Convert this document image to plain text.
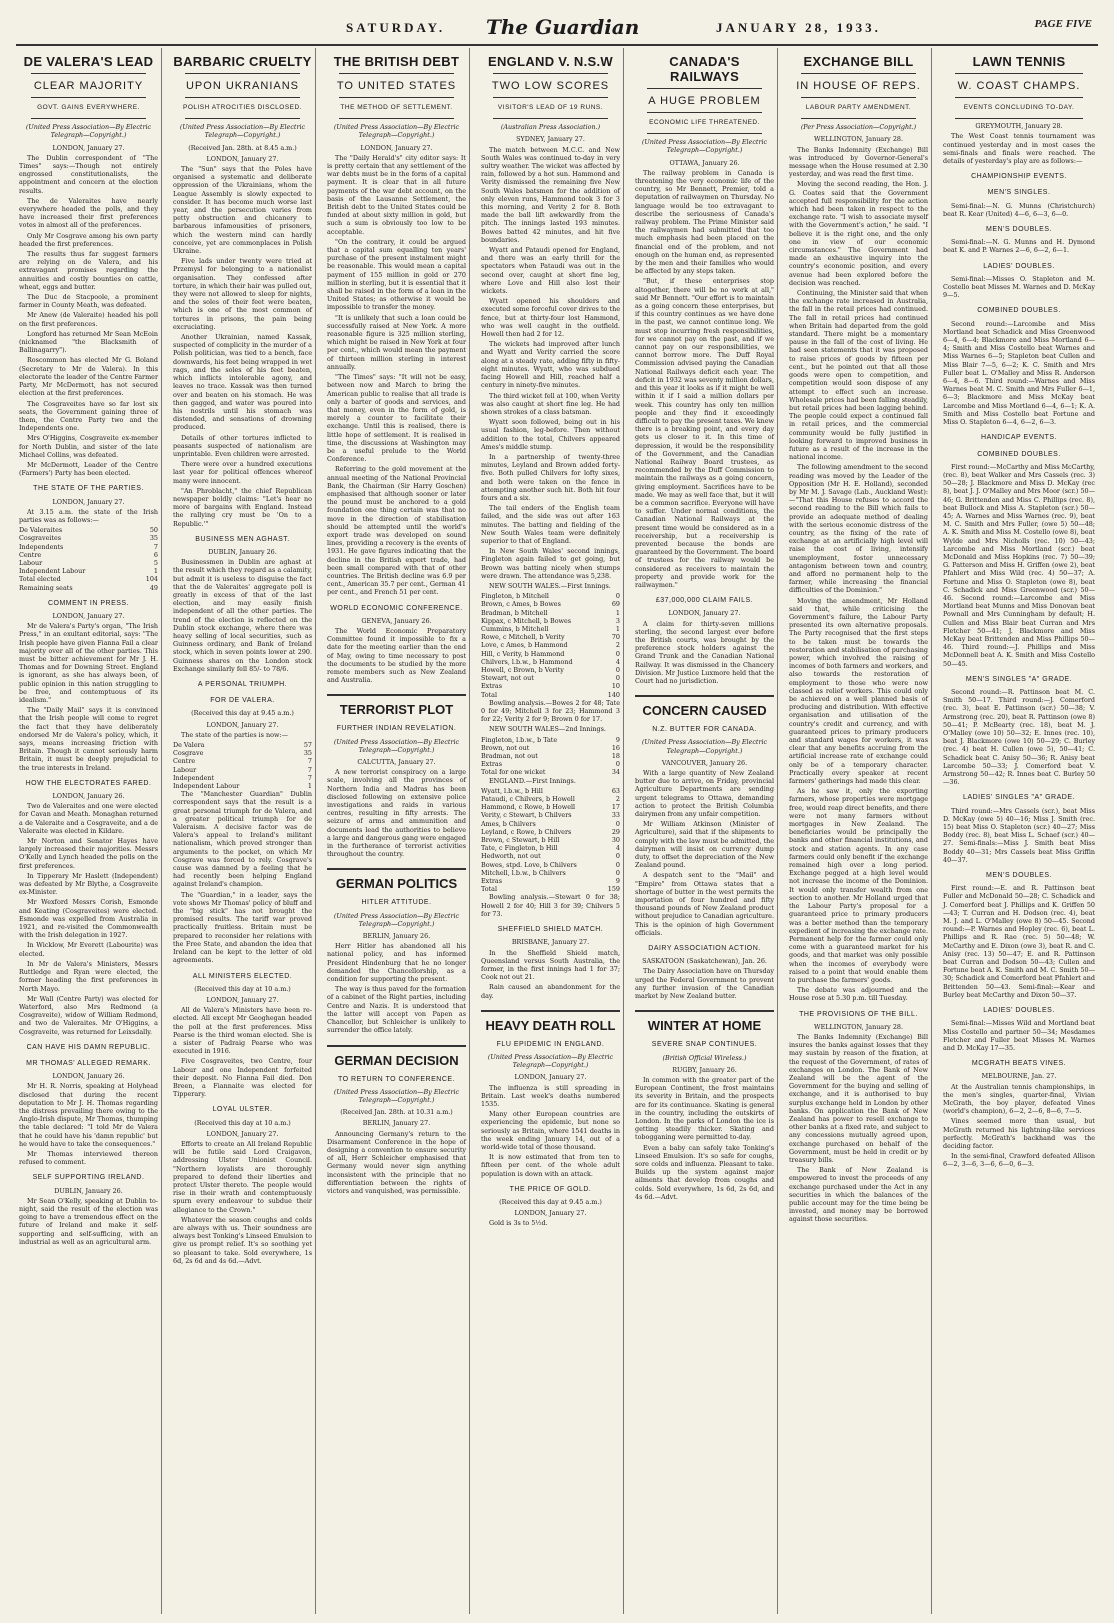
SATURDAY. The Guardian	JANUARY 28, 1933.	PAGE FIVE
DE VALERA'S LEAD
CLEAR MAJORITY
GOVT. GAINS EVERYWHERE.
(United Press Association—By Electric Telegraph—Copyright.)
LONDON, January 27.

The Dublin correspondent of "The Times" says:—Though not entirely engrossed constitutionalists, the appointment and concern at the election results.

The de Valeraites have nearly everywhere headed the polls, and they have increased their first preferences votes in almost all of the preferences.

Only Mr Cosgrave among his own party headed the first preferences.

The results thus far suggest farmers are relying on de Valera, and his extravagant promises regarding the annuities and costly bounties on cattle, wheat, eggs and butter.

The Duc de Stacpoole, a prominent farmer in County Meath, was defeated.

Mr Anew (de Valeraite) headed his poll on the first preferences.

Longford has returned Mr Sean McEoin (nicknamed "the Blacksmith of Ballinagarry").

Roscommon has elected Mr G. Boland (Secretary to Mr de Valera). In this electorate the leader of the Centre Farmer Party, Mr McDermott, has not secured election at the first preferences.

The Cosgraveites have so far lost six seats, the Government gaining three of them, the Centre Party two and the Independents one.

Mrs O'Higgins, Cosgraveite ex-member for North Dublin, and sister of the late Michael Collins, was defeated.

Mr McDermott, Leader of the Centre (Farmers') Party has been elected.

THE STATE OF THE PARTIES.
LONDON, January 27.

At 3.15 a.m. the state of the Irish parties was as follows:—

De Valeraites	50
Cosgraveites	35
Independents	7
Centre	6
Labour	5
Independent Labour	1
Total elected	104
Remaining seats	49
COMMENT IN PRESS.
LONDON, January 27.

Mr de Valera's Party's organ, "The Irish Press," in an exultant editorial, says: "The Irish people have given Fianna Fail a clear majority over all of the other parties. This must be bitter achievement for Mr J. H. Thomas and for Downing Street. England is ignorant, as she has always been, of public opinion in this nation struggling to be free, and contemptuous of its idealism."

The "Daily Mail" says it is convinced that the Irish people will come to regret the fact that they have deliberately endorsed Mr de Valera's policy, which, it says, means increasing friction with Britain. Though it cannot seriously harm Britain, it must be deeply prejudicial to the true interests in Ireland.

HOW THE ELECTORATES FARED.
LONDON, January 26.

Two de Valeraites and one were elected for Cavan and Meath. Monaghan returned a de Valeraite and a Cosgraveite, and a de Valeraite was elected in Kildare.

Mr Norton and Senator Hayes have largely increased their majorities. Messrs O'Kelly and Lynch headed the polls on the first preferences.

In Tipperary Mr Haslett (Independent) was defeated by Mr Blythe, a Cosgraveite ex-Minister.

Mr Wexford Messrs Corish, Esmonde and Keating (Cosgraveites) were elected. Esmonde was expelled from Australia in 1921, and re-visited the Commonwealth with the Irish delegation in 1927.

In Wicklow, Mr Everett (Labourite) was elected.

In Mr de Valera's Ministers, Messrs Ruttledge and Ryan were elected, the former heading the first preferences in North Mayo.

Mr Wall (Centre Party) was elected for Waterford, also Mrs Redmond (a Cosgraveite), widow of William Redmond, and two de Valeraites. Mr O'Higgins, a Cosgraveite, was returned for Leixsdally.

CAN HAVE HIS DAMN REPUBLIC.
MR THOMAS' ALLEGED REMARK.
LONDON, January 26.

Mr H. R. Norris, speaking at Holyhead disclosed that during the recent deputation to Mr J. H. Thomas regarding the distress prevailing there owing to the Anglo-Irish dispute, Mr Thomas, thumping the table declared: "I told Mr de Valera that he could have his 'damn republic' but he would have to take the consequences."

Mr Thomas interviewed thereon refused to comment.

SELF SUPPORTING IRELAND.
DUBLIN, January 26.

Mr Sean O'Kelly, speaking at Dublin to-night, said the result of the election was going to have a tremendous effect on the future of Ireland and make it self-supporting and self-sufficing, with an industrial as well as an agricultural arm.

BARBARIC CRUELTY
UPON UKRANIANS
POLISH ATROCITIES DISCLOSED.
(United Press Association—By Electric Telegraph—Copyright.)
(Received Jan. 28th. at 8.45 a.m.)
LONDON, January 27.

The "Sun" says that the Poles have organised a systematic and deliberate oppression of the Ukrainians, whom the League Assembly is slowly expected to consider. It has become much worse last year, and the persecution varies from petty obstruction and chicanery to barbarous infamousities of prisoners, which the western mind can hardly conceive, yet are commonplaces in Polish Ukraine.

Five lads under twenty were tried at Przemysl for belonging to a nationalist organisation. They confessed after torture, in which their hair was pulled out, they were not allowed to sleep for nights, and the soles of their feet were beaten, which is one of the most common of tortures in prisons, the pain being excruciating.

Another Ukrainian, named Kassak, suspected of complicity in the murder of a Polish politician, was tied to a bench, face downwards, his feet being wrapped in wet rags, and the soles of his feet beaten, which inflicts intolerable agony, and leaves no trace. Kassak was then turned over and beaten on his stomach. He was then gagged, and water was poured into his nostrils until his stomach was distended, and sensations of drowning produced.

Details of other tortures inflicted to peasants suspected of nationalism are unprintable. Even children were arrested.

There were over a hundred executions last year for political offences whereof many were innocent.

"An Phroblacht," the chief Republican newspaper boldly claims: "Let's hear no more of bargains with England. Instead the rallying cry must be 'On to a Republic.'"

BUSINESS MEN AGHAST.
DUBLIN, January 26.

Businessmen in Dublin are aghast at the result which they regard as a calamity, but admit it is useless to disguise the fact that the de Valeraites' aggregate poll is greatly in excess of that of the last election, and may easily finish independent of all the other parties. The trend of the election is reflected on the Dublin stock exchange, where there was heavy selling of local securities, such as Guinness ordinary, and Bank of Ireland stock, which in seven points lower at 290. Guinness shares on the London stock Exchange similarly fell 85/- to 78/6.

A PERSONAL TRIUMPH.
FOR DE VALERA.
(Received this day at 9.45 a.m.)
LONDON, January 27.

The state of the parties is now:—

De Valera	57
Cosgrave	35
Centre	7
Labour	7
Independent	7
Independent Labour	1

The "Manchester Guardian" Dublin correspondent says that the result is a great personal triumph for de Valera, and a greater political triumph for de Valeraism. A decisive factor was de Valera's appeal to Ireland's militant nationalism, which proved stronger than arguments to the pocket, on which Mr Cosgrave was forced to rely. Cosgrave's cause was damned by a feeling that he had recently been helping England against Ireland's champion.

The "Guardian," in a leader, says the vote shows Mr Thomas' policy of bluff and the "big stick" has not brought the promised results. The tariff war proved practically fruitless. Britain must be prepared to reconsider her relations with the Free State, and abandon the idea that Ireland can be kept to the letter of old agreements.

ALL MINISTERS ELECTED.
(Received this day at 10 a.m.)
LONDON, January 27.

All de Valera's Ministers have been re-elected. All except Mr Geoghegan headed the poll at the first preferences. Miss Pearse is the third woman elected. She is a sister of Padraig Pearse who was executed in 1916.

Five Cosgraveites, two Centre, four Labour and one Independent forfeited their deposit. No Fianna Fail died. Don Breen, a Fiannaite was elected for Tipperary.

LOYAL ULSTER.
(Received this day at 10 a.m.)
LONDON, January 27.

Efforts to create an All Ireland Republic will be futile said Lord Craigavon, addressing Ulster Unionist Council. "Northern loyalists are thoroughly prepared to defend their liberties and protect Ulster thereto. The people would rise in their wrath and contemptuously spurn every endeavour to subdue their allegiance to the Crown."

Whatever the season coughs and colds are always with us. Their soundness are always best Tonking's Linseed Emulsion to give us prompt relief. It's so soothing yet so pleasant to take. Sold everywhere, 1s 6d, 2s 6d and 4s 6d.—Advt.

THE BRITISH DEBT
TO UNITED STATES
THE METHOD OF SETTLEMENT.
(United Press Association—By Electric Telegraph—Copyright.)
LONDON, January 27.

The "Daily Herald's" city editor says: It is pretty certain that any settlement of the war debts must be in the form of a capital payment. It is clear that in all future payments of the war debt account, on the basis of the Lausanne Settlement, the British debt to the United States could be funded at about sixty million in gold, but such a sum is obviously too low to be acceptable.

"On the contrary, it could be argued that a capital sum equalling ten years' purchase of the present instalment might be reasonable. This would mean a capital payment of 155 million in gold or 270 million in sterling, but it is essential that it shall be raised in the form of a loan in the United States; as otherwise it would be impossible to transfer the money.

"It is unlikely that such a loan could be successfully raised at New York. A more reasonable figure is 325 million sterling, which might be raised in New York at four per cent., which would mean the payment of thirteen million sterling in interest annually.

"The Times" says: "It will not be easy, between now and March to bring the American public to realise that all trade is only a barter of goods and services, and that money, even in the form of gold, is merely a counter to facilitate their exchange. Until this is realised, there is little hope of settlement. It is realised in time, the discussions at Washington may be a useful prelude to the World Conference.

Referring to the gold movement at the annual meeting of the National Provincial Bank, the Chairman (Sir Harry Goschen) emphasised that although sooner or later the pound must be anchored to a gold foundation one thing certain was that no move in the direction of stabilisation should be attempted until the world's export trade was developed on sound lines, providing a recovery is the events of 1931. He gave figures indicating that the decline in the British export trade, had been small compared with that of other countries. The British decline was 6.9 per cent., American 35.7 per cent., German 41 per cent., and French 51 per cent.

WORLD ECONOMIC CONFERENCE.
GENEVA, January 26.

The World Economic Preparatory Committee found it impossible to fix a date for the meeting earlier than the end of May, owing to time necessary to post the documents to be studied by the more remote members such as New Zealand and Australia.

TERRORIST PLOT
FURTHER INDIAN REVELATION.
(United Press Association—By Electric Telegraph—Copyright.)
CALCUTTA, January 27.

A new terrorist conspiracy on a large scale, involving all the provinces of Northern India and Madras has been disclosed following on extensive police investigations and raids in various centres, resulting in fifty arrests. The seizure of arms and ammunition and documents lead the authorities to believe a large and dangerous gang were engaged in the furtherance of terrorist activities throughout the country.

GERMAN POLITICS
HITLER ATTITUDE.
(United Press Association—By Electric Telegraph—Copyright.)
BERLIN, January 26.

Herr Hitler has abandoned all his national policy, and has informed President Hindenburg that he no longer demanded the Chancellorship, as a condition for supporting the present.

The way is thus paved for the formation of a cabinet of the Right parties, including Centre and Nazis. It is understood that the latter will accept von Papen as Chancellor, but Schleicher is unlikely to surrender the office lately.

GERMAN DECISION
TO RETURN TO CONFERENCE.
(United Press Association—By Electric Telegraph—Copyright.)
(Received Jan. 28th. at 10.31 a.m.)
BERLIN, January 27.

Announcing Germany's return to the Disarmament Conference in the hope of designing a convention to ensure security of all, Herr Schleicher emphasised that Germany would never sign anything inconsistent with the principle that no differentiation between the rights of victors and vanquished, was permissible.

ENGLAND V. N.S.W
TWO LOW SCORES
VISITOR'S LEAD OF 19 RUNS.
(Australian Press Association.)
SYDNEY, January 27.

The match between M.C.C. and New South Wales was continued to-day in very sultry weather. The wicket was affected by rain, followed by a hot sun. Hammond and Verity dismissed the remaining five New South Wales batsmen for the addition of only eleven runs, Hammond took 3 for 3 this morning, and Verity 2 for 8. Both made the ball lift awkwardly from the pitch. The innings lasted 193 minutes. Bowes batted 42 minutes, and hit five boundaries.

Wyatt and Pataudi opened for England, and there was an early thrill for the spectators when Pataudi was out in the second over, caught at short fine leg, where Love and Hill also lost their wickets.

Wyatt opened his shoulders and executed some forceful cover drives to the fence, but at thirty-four lost Hammond, who was well caught in the outfield. Howell then had 2 for 12.

The wickets had improved after lunch and Wyatt and Verity carried the score along at a steady rate, adding fifty in fifty-eight minutes. Wyatt, who was subdued facing Howell and Hill, reached half a century in ninety-five minutes.

The third wicket fell at 100, when Verity was also caught at short fine leg. He had shown strokes of a class batsman.

Wyatt soon followed, being out in his usual fashion, leg-before. Then without addition to the total, Chilvers appeared Ames's middle stump.

In a partnership of twenty-three minutes, Leyland and Brown added forty-five. Both pulled Chilvers for lofty sixes, and both were taken on the fence in attempting another such hit. Both hit four fours and a six.

The tail enders of the English team failed, and the side was out after 163 minutes. The batting and fielding of the New South Wales team were definitely superior to that of England.

In New South Wales' second innings, Fingleton again failed to get going, but Brown was batting nicely when stumps were drawn. The attendance was 5,238.

NEW SOUTH WALES.—First Innings.

Fingleton, b Mitchell	0
Brown, c Ames, b Bowes	69
Bradman, b Mitchell	1
Kippax, c Mitchell, b Bowes	3
Cummins, b Mitchell	1
Rowe, c Mitchell, b Verity	70
Love, c Ames, b Hammond	2
Hill, c Verity, b Hammond	0
Chilvers, l.b.w., b Hammond	4
Howell, c Brown, b Verity	0
Stewart, not out	0
Extras	10
Total	140

Bowling analysis.—Bowes 2 for 48; Tate 0 for 49; Mitchell 3 for 23; Hammond 3 for 22; Verity 2 for 9; Brown 0 for 17.

NEW SOUTH WALES—2nd Innings.

Fingleton, l.b.w., b Tate	9
Brown, not out	16
Bradman, not out	18
Extras	0
Total for one wicket	34

ENGLAND.—First Innings.

Wyatt, l.b.w., b Hill	63
Pataudi, c Chilvers, b Howell	2
Hammond, c Rowe, b Howell	17
Verity, c Stewart, b Chilvers	33
Ames, b Chilvers	0
Leyland, c Rowe, b Chilvers	29
Brown, c Stewart, b Hill	30
Tate, c Fingleton, b Hill	4
Hedworth, not out	0
Bowes, stpd. Love, b Chilvers	0
Mitchell, l.b.w., b Chilvers	0
Extras	9
Total	159

Bowling analysis.—Stewart 0 for 38; Howell 2 for 40; Hill 3 for 39; Chilvers 5 for 73.

SHEFFIELD SHIELD MATCH.
BRISBANE, January 27.

In the Sheffield Shield match, Queensland versus South Australia, the former, in the first innings had 1 for 37; Cook not out 21.

Rain caused an abandonment for the day.

HEAVY DEATH ROLL
FLU EPIDEMIC IN ENGLAND.
(United Press Association—By Electric Telegraph—Copyright.)
LONDON, January 27.

The influenza is still spreading in Britain. Last week's deaths numbered 1535.

Many other European countries are experiencing the epidemic, but none so seriously as Britain, where 1541 deaths in the week ending January 14, out of a world-wide total of those thousand.

It is now estimated that from ten to fifteen per cent. of the whole adult population is down with an attack.

THE PRICE OF GOLD.
(Received this day at 9.45 a.m.)
LONDON, January 27.

Gold is 3s to 5½d.

CANADA'S RAILWAYS
A HUGE PROBLEM
ECONOMIC LIFE THREATENED.
(United Press Association—By Electric Telegraph—Copyright.)
OTTAWA, January 26.

The railway problem in Canada is threatening the very economic life of the country, so Mr Bennett, Premier, told a deputation of railwaymen on Thursday. No language would be too extravagant to describe the seriousness of Canada's railway problem. The Prime Minister said the railwaymen had submitted that too much emphasis had been placed on the financial end of the problem, and not enough on the human end, as represented by the men and their families who would be affected by any steps taken.

"But, if these enterprises stop altogether, there will be no work at all," said Mr Bennett. "Our effort is to maintain as a going concern these enterprises, but if this country continues as we have done in the past, we cannot continue long. We must stop incurring fresh responsibilities, for we cannot pay on the past, and if we cannot pay on our responsibilities, we cannot borrow more. The Duff Royal Commission advised paying the Canadian National Railways deficit each year. The deficit in 1932 was seventy million dollars, and this year it looks as if it might be well within it if I said a million dollars per week. This country has only ten million people and they find it exceedingly difficult to pay the present taxes. We knew there is a breaking point, and every day gets us closer to it. In this time of depression, it would be the responsibility of the Government, and the Canadian National Railway Board trustees, as recommended by the Duff Commission to maintain the railways as a going concern, giving employment. Sacrifices have to be made. We may as well face that, but it will be a common sacrifice. Everyone will have to suffer. Under normal conditions, the Canadian National Railways at the present time would be considered as in a receivership, but a receivership is prevented because the bonds are guaranteed by the Government. The board of trustees for the railway would be considered as receivers to maintain the property and provide work for the railwaymen."

£37,000,000 CLAIM FAILS.
LONDON, January 27.

A claim for thirty-seven millions sterling, the second largest ever before the British courts, was brought by the preference stock holders against the Grand Trunk and the Canadian National Railway. It was dismissed in the Chancery Division. Mr Justice Luxmore held that the Court had no jurisdiction.

CONCERN CAUSED
N.Z. BUTTER FOR CANADA.
(United Press Association—By Electric Telegraph—Copyright.)
VANCOUVER, January 26.

With a large quantity of New Zealand butter due to arrive, on Friday, provincial Agriculture Departments are sending urgent telegrams to Ottawa, demanding action to protect the British Columbia dairymen from any unfair competition.

Mr William Atkinson (Minister of Agriculture), said that if the shipments to comply with the law must be admitted, the dairymen will insist on currency dump duty, to offset the depreciation of the New Zealand pound.

A despatch sent to the "Mail" and "Empire" from Ottawa states that a shortage of butter in the west permits the importation of four hundred and fifty thousand pounds of New Zealand product without prejudice to Canadian agriculture. This is the opinion of high Government officials.

DAIRY ASSOCIATION ACTION.
SASKATOON (Saskatchewan), Jan. 26.

The Dairy Association have on Thursday urged the Federal Government to prevent any further invasion of the Canadian market by New Zealand butter.

WINTER AT HOME
SEVERE SNAP CONTINUES.
(British Official Wireless.)
RUGBY, January 26.

In common with the greater part of the European Continent, the frost maintains its severity in Britain, and the prospects are for its continuance. Skating is general in the country, including the outskirts of London. In the parks of London the ice is getting steadily thicker. Skating and tobogganing were permitted to-day.

Even a baby can safely take Tonking's Linseed Emulsion. It's so safe for coughs, sore colds and influenza. Pleasant to take. Builds up the system against major ailments that develop from coughs and colds. Sold everywhere, 1s 6d, 2s 6d, and 4s 6d.—Advt.

EXCHANGE BILL
IN HOUSE OF REPS.
LABOUR PARTY AMENDMENT.
(Per Press Association—Copyright.)
WELLINGTON, January 28.

The Banks Indemnity (Exchange) Bill was introduced by Governor-General's message when the House resumed at 2.30 yesterday, and was read the first time.

Moving the second reading, the Hon. J. G. Coates said that the Government accepted full responsibility for the action which had been taken in respect to the exchange rate. "I wish to associate myself with the Government's action," he said. "I believe it is the right one, and the only one in view of our economic circumstances." The Government had made an exhaustive inquiry into the country's economic position, and every avenue had been explored before the decision was reached.

Continuing, the Minister said that when the exchange rate increased in Australia, the fall in the retail prices had continued. The fall in retail prices had continued when Britain had departed from the gold standard. There might be a momentary pause in the fall of the cost of living. He had seen statements that it was proposed to raise prices of goods by fifteen per cent., but he pointed out that all those goods were open to competition, and competition would soon dispose of any attempt to effect such an increase. Wholesale prices had been falling steadily, but retail prices had been lagging behind. The people could expect a continued fall in retail prices, and the commercial community would be fully justified in looking forward to improved business in future as a result of the increase in the national income.

The following amendment to the second reading was moved by the Leader of the Opposition (Mr H. E. Holland), seconded by Mr M. J. Savage (Lab., Auckland West):—"That this House refuses to accord the second reading to the Bill which fails to provide an adequate method of dealing with the serious economic distress of the country, as the fixing of the rate of exchange at an artificially high level will raise the cost of living, intensify unemployment, foster unnecessary antagonism between town and country, and afford no permanent help to the farmer, while increasing the financial difficulties of the Dominion."

Moving the amendment, Mr Holland said that, while criticising the Government's failure, the Labour Party presented its own alternative proposals. The Party recognised that the first steps to be taken must be towards the restoration and stabilisation of purchasing power, which involved the raising of incomes of both farmers and workers, and also towards the restoration of employment to those who were now classed as relief workers. This could only be achieved on a well planned basis of producing and distribution. With effective organisation and utilisation of the country's credit and currency, and with guaranteed prices to primary producers and standard wages for workers, it was clear that any benefits accruing from the artificial increase rate of exchange could only be of a temporary character. Practically every speaker at recent farmers' gatherings had made this clear.

As he saw it, only the exporting farmers, whose properties were mortgage free, would reap direct benefits, and there were not many farmers without mortgages in New Zealand. The beneficiaries would be principally the banks and other financial institutions, and stock and station agents. In any case farmers could only benefit if the exchange remained high over a long period. Exchange pegged at a high level would not increase the income of the Dominion. It would only transfer wealth from one section to another. Mr Holland urged that the Labour Party's proposal for a guaranteed price to primary producers was a better method than the temporary expedient of increasing the exchange rate. Permanent help for the farmer could only come with a guaranteed market for his goods, and that market was only possible when the incomes of everybody were raised to a point that would enable them to purchase the farmers' goods.

The debate was adjourned and the House rose at 5.30 p.m. till Tuesday.

THE PROVISIONS OF THE BILL.
WELLINGTON, January 28.

The Banks Indemnity (Exchange) Bill insures the banks against losses that they may sustain by reason of the fixation, at the request of the Government, of rates of exchanges on London. The Bank of New Zealand will be the agent of the Government for the buying and selling of exchange, and it is authorised to buy surplus exchange held in London by other banks. On application the Bank of New Zealand has power to resell exchange to other banks at a fixed rate, and subject to any concessions mutually agreed upon, exchange purchased on behalf of the Government, must be held in credit or by treasury bills.

The Bank of New Zealand is empowered to invest the proceeds of any exchange purchased under the Act in any securities in which the balances of the public account may for the time being be invested, and money may be borrowed against those securities.

LAWN TENNIS
W. COAST CHAMPS.
EVENTS CONCLUDING TO-DAY.
GREYMOUTH, January 28.

The West Coast tennis tournament was continued yesterday and in most cases the semi-finals and finals were reached. The details of yesterday's play are as follows:—

CHAMPIONSHIP EVENTS.
MEN'S SINGLES.

Semi-final:—N. G. Munns (Christchurch) beat R. Kear (United) 4—6, 6—3, 6—0.

MEN'S DOUBLES.

Semi-final:—N. G. Munns and H. Dymond beat K. and P. Warnes 2—6, 6—2, 6—1.

LADIES' DOUBLES.

Semi-final:—Misses O. Stapleton and M. Costello beat Misses M. Warnes and D. McKay 9—5.

COMBINED DOUBLES.

Second round:—Larcombe and Miss Mortland beat Schadick and Miss Greenwood 6—4, 6—4; Blackmore and Miss Mortland 6—4; Smith and Miss Costello beat Warnes and Miss Warnes 6—5; Stapleton beat Cullen and Miss Blair 7—5, 6—2; K. C. Smith and Mrs Fuller beat L. O'Malley and Miss R. Anderson 6—4, 8—6. Third round:—Warnes and Miss Warnes beat M. C. Smith and Mrs Fuller 6—1, 6—3; Blackmore and Miss McKay beat Larcombe and Miss Mortland 6—4, 6—1; K. A. Smith and Miss Costello beat Fortune and Miss O. Stapleton 6—4, 6—2, 6—3.

HANDICAP EVENTS.
COMBINED DOUBLES.

First round:—McCarthy and Miss McCarthy, (rec. 8), beat Walker and Mrs Cassels (rec. 3) 50—28; J. Blackmore and Miss D. McKay (rec 8), beat J. J. O'Malley and Mrs Moor (scr.) 50—46; G. Brittenden and Miss C. Phillips (rec. 8), beat Bullock and Miss A. Stapleton (scr.) 50—45; A. Warnes and Miss Warnes (rec. 9), beat M. C. Smith and Mrs Fuller, (owe 5) 50—48; A. K. Smith and Miss M. Costello (owe 8), beat Wylde and Mrs Nicholls (rec. 10) 50—43; Larcombe and Miss Mortland (scr.) beat McDonald and Miss Hopkins (rec. 7) 50—39; G. Patterson and Miss H. Griffen (owe 2), beat Pfahlert and Miss Wild (rec. 4) 50—37; A. Fortune and Miss O. Stapleton (owe 8), beat C. Schadick and Miss Greenwood (scr.) 50—46. Second round:—Larcombe and Miss Mortland beat Munns and Miss Donovan beat Pownall and Mrs Cunningham by default; H. Cullen and Miss Blair beat Curran and Mrs Fletcher 50—41; J. Blackmore and Miss McKay beat Brittenden and Miss Phillips 50—46. Third round:—J. Phillips and Miss McDonnell beat A. K. Smith and Miss Costello 50—45.

MEN'S SINGLES "A" GRADE.

Second round:—R. Pattinson beat M. C. Smith 50—17. Third round:—J. Comerford (rec. 3), beat E. Pattinson (scr.) 50—38; V. Armstrong (rec. 20), beat R. Pattinson (owe 8) 50—41; P. McBearty (rec. 18), beat M. J. O'Malley (owe 10) 50—32; E. Innes (rec. 10), beat J. Blackmore (owe 10) 50—29; C. Burley (rec. 4) beat H. Cullen (owe 5), 50—41; C. Schadick beat C. Anisy 50—36; R. Anisy beat Larcombe 50—33; J. Comerford beat V. Armstrong 50—42; R. Innes beat C. Burley 50—36.

LADIES' SINGLES "A" GRADE.

Third round:—Mrs Cassels (scr.), beat Miss D. McKay (owe 5) 40—16; Miss J. Smith (rec. 15) beat Miss O. Stapleton (scr.) 40—27; Miss Boddy (rec. 8), beat Miss L. Schaef (scr.) 40—27. Semi-finals:—Miss J. Smith beat Miss Boddy 40—31; Mrs Cassels beat Miss Griffin 40—37.

MEN'S DOUBLES.

First round:—E. and R. Pattinson beat Fuller and McDonald 50—28; C. Schadick and J. Comerford beat J. Phillips and K. Griffen 50—43; T. Curran and H. Dodson (rec. 4), beat M. J. and L. O'Malley (owe 8) 50—45. Second round:—P. Warnes and Hopley (rec. 6), beat L. Phillips and R. Rae (rec. 5) 50—48; W. McCarthy and E. Dixon (owe 3), beat R. and C. Anisy (rec. 13) 50—47; E. and R. Pattinson beat Curran and Dodson 50—43; Cullen and Fortune beat A. K. Smith and M. C. Smith 50—30; Schadick and Comerford beat Pfahlert and Brittenden 50—43. Semi-final:—Kear and Burley beat McCarthy and Dixon 50—37.

LADIES' DOUBLES.

Semi-final:—Misses Wild and Mortland beat Miss Costello and partner 50—34; Mesdames Fletcher and Fuller beat Misses M. Warnes and D. McKay 17—35.

MCGRATH BEATS VINES.
MELBOURNE, Jan. 27.

At the Australian tennis championships, in the men's singles, quarter-final, Vivian McGrath, the boy player, defeated Vines (world's champion), 6—2, 2—6, 8—6, 7—5.

Vines seemed more than usual, but McGrath returned his lightning-like services perfectly. McGrath's backhand was the deciding factor.

In the semi-final, Crawford defeated Allison 6—2, 3—6, 3—6, 6—0, 6—3.
